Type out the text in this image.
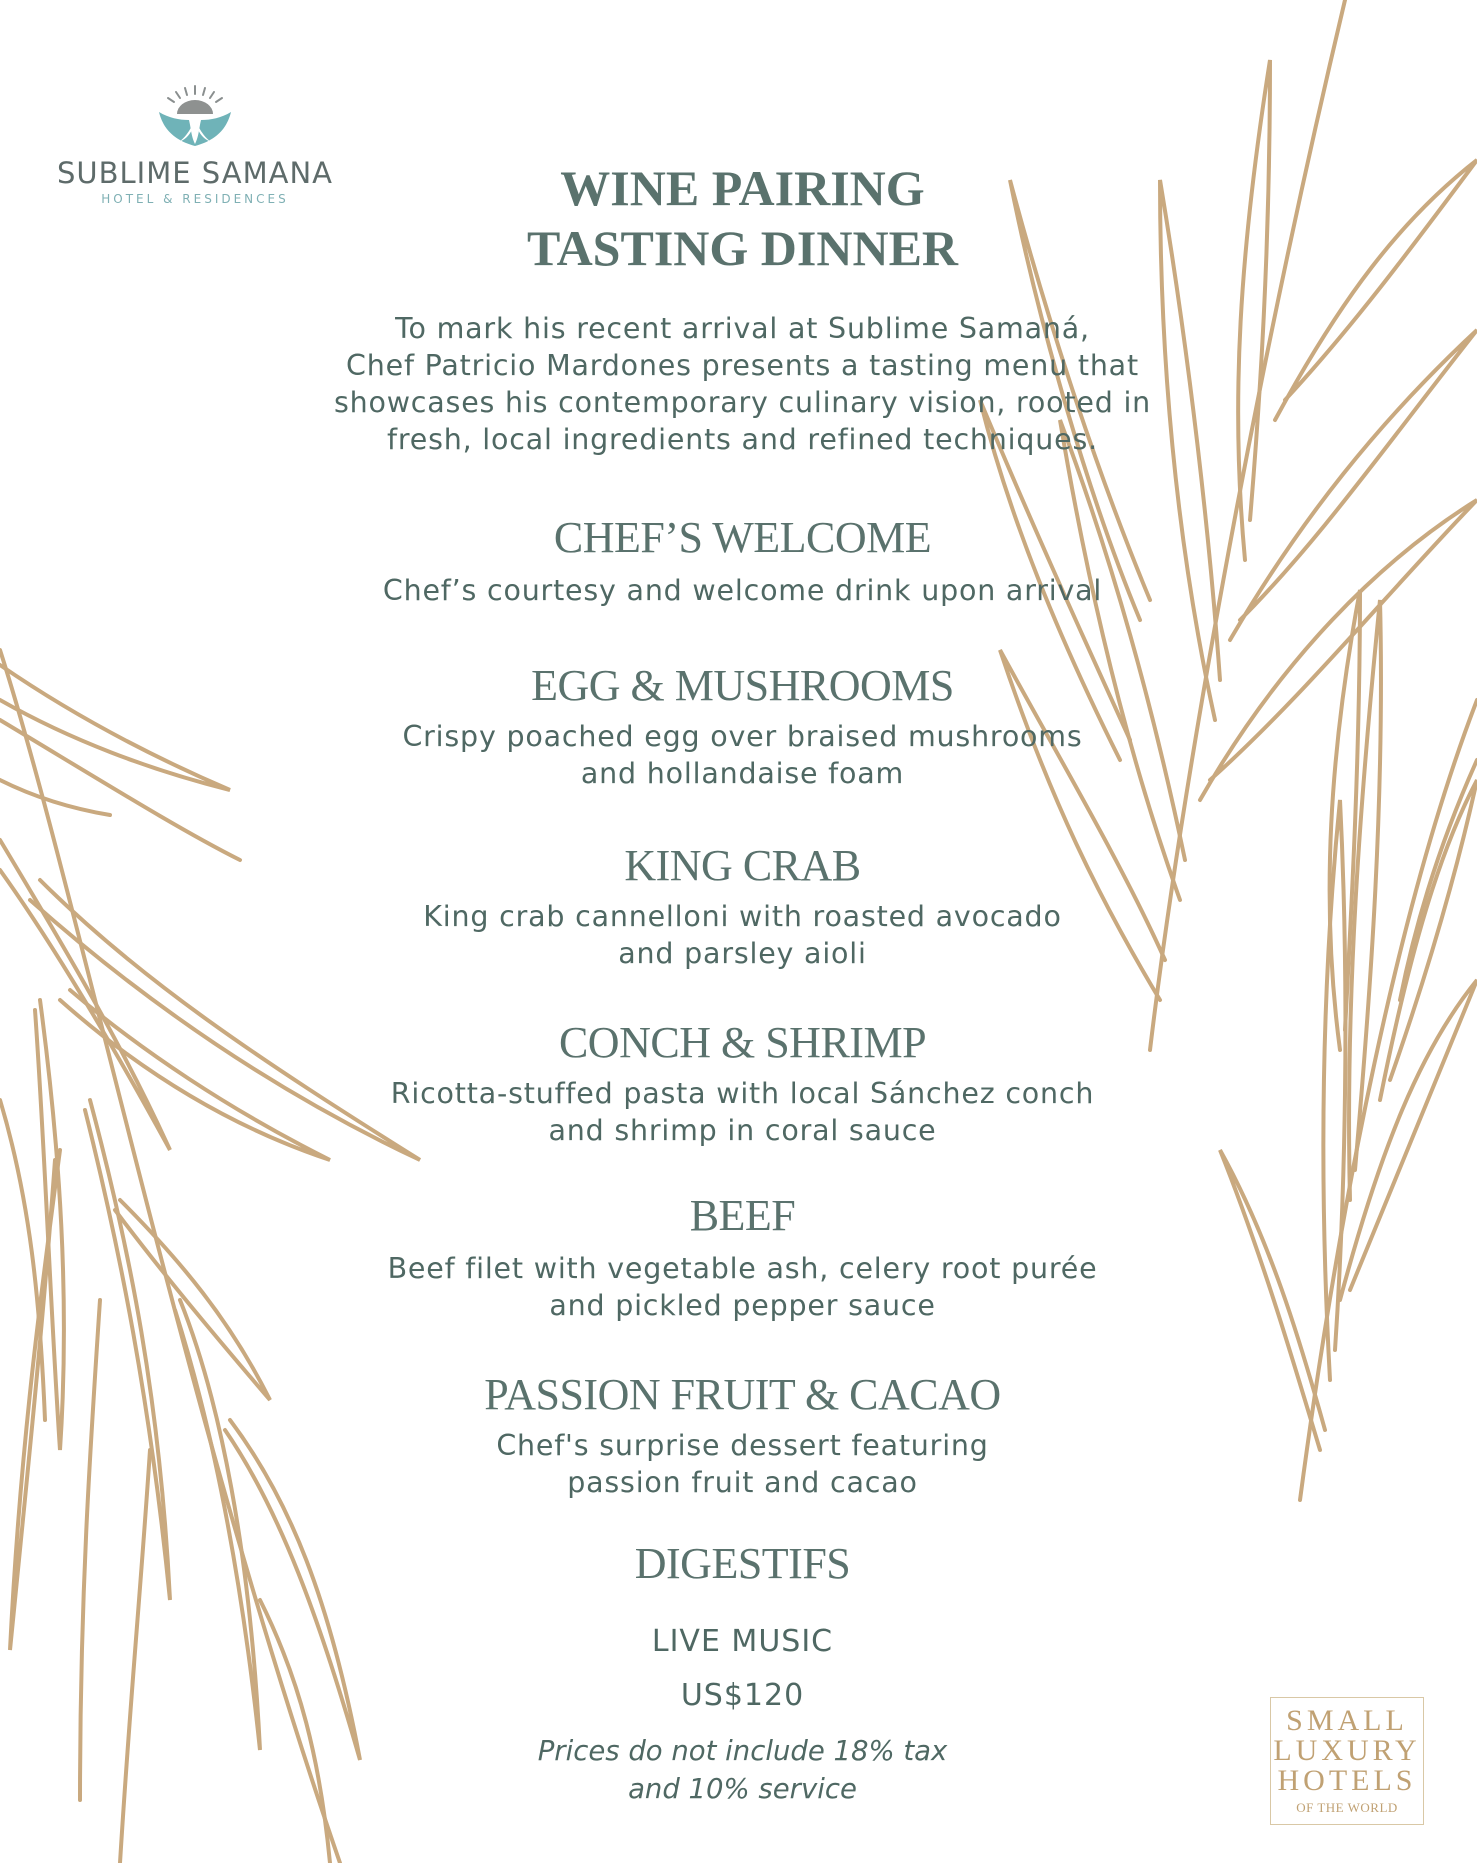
SUBLIME SAMANA
HOTEL & RESIDENCES	WINE PAIRING
TASTING DINNER
To mark his recent arrival at Sublime Samaná,
Chef Patricio Mardones presents a tasting menu that
showcases his contemporary culinary vision, rooted in
fresh, local ingredients and refined techniques.
CHEF’S WELCOME
Chef’s courtesy and welcome drink upon arrival
EGG & MUSHROOMS
Crispy poached egg over braised mushrooms
and hollandaise foam
KING CRAB
King crab cannelloni with roasted avocado
and parsley aioli
CONCH & SHRIMP
Ricotta-stuffed pasta with local Sánchez conch
and shrimp in coral sauce
BEEF
Beef filet with vegetable ash, celery root purée
and pickled pepper sauce
PASSION FRUIT & CACAO
Chef's surprise dessert featuring
passion fruit and cacao
DIGESTIFS
LIVE MUSIC
US$120
Prices do not include 18% tax
and 10% service
SMALL
LUXURY
HOTELS
OF THE WORLD
